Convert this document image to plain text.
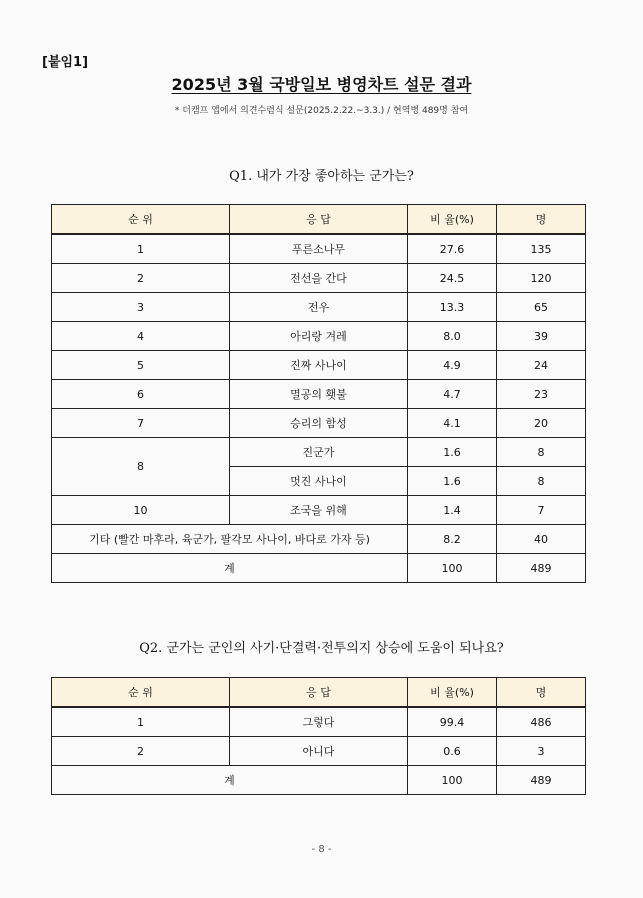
[붙임1]
2025년 3월 국방일보 병영차트 설문 결과
* 더캠프 앱에서 의견수렴식 설문(2025.2.22.~3.3.) / 현역병 489명 참여
Q1. 내가 가장 좋아하는 군가는?
순 위	응 답	비 율(%)	명
1	푸른소나무	27.6	135
2	전선을 간다	24.5	120
3	전우	13.3	65
4	아리랑 겨레	8.0	39
5	진짜 사나이	4.9	24
6	멸공의 횃불	4.7	23
7	승리의 함성	4.1	20
8	진군가	1.6	8
	멋진 사나이	1.6	8
10	조국을 위해	1.4	7
기타 (빨간 마후라, 육군가, 팔각모 사나이, 바다로 가자 등)		8.2	40
계		100	489
Q2. 군가는 군인의 사기·단결력·전투의지 상승에 도움이 되나요?
순 위	응 답	비 율(%)	명
1	그렇다	99.4	486
2	아니다	0.6	3
계		100	489
- 8 -
